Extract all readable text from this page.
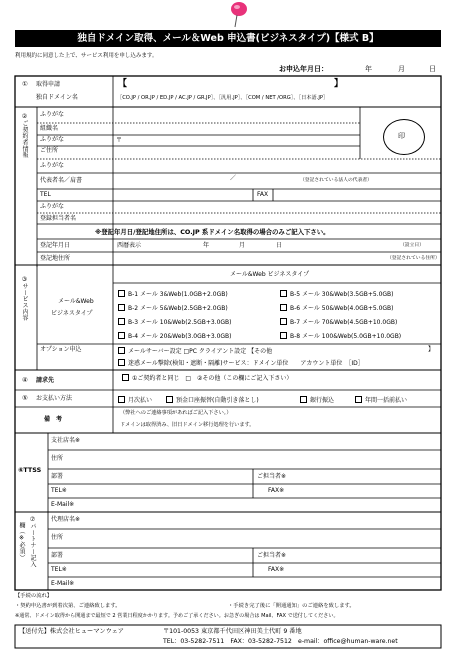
独自ドメイン取得、メール＆Web 申込書(ビジネスタイプ)【様式 B】
利用規約に同意した上で、サービス利用を申し込みます。
お申込年月日：	年	月	日
① 取得申請
独自ドメイン名
【	】
［CO.JP / OR.JP / ED.JP / AC.JP / GR.JP］、［汎用.JP］、［COM / NET /ORG］、［日本語.JP］
②ご契約者情報 ふりがな
組織名
ふりがな
ご住所
〒
印
ふりがな
代表者名／肩書	／	（登記されている法人の代表者）
TEL	FAX
ふりがな
登録担当者名
※登記年月日/登記地住所は、CO.JP 系ドメイン名取得の場合のみご記入下さい。
登記年月日	西暦表示	年	月	日	（設立日）
登記地住所	（登記されている住所）
③サービス内容	メール&Web
ビジネスタイプ
メール&Web ビジネスタイプ
B-1 メール 3&Web(1.0GB+2.0GB)	B-5 メール 30&Web(3.5GB+5.0GB)
B-2 メール 5&Web(2.5GB+2.0GB)	B-6 メール 50&Web(4.0GB+5.0GB)
B-3 メール 10&Web(2.5GB+3.0GB)	B-7 メール 70&Web(4.5GB+10.0GB)
B-4 メール 20&Web(3.0GB+3.0GB)	B-8 メール 100&Web(5.0GB+10.0GB)
オプション申込	メールサーバー設定 □PC クライアント設定 【その他	】
迷惑メール撃除(検知・遮断・隔離)サービス：ドメイン単位　　アカウント単位　［ID］
④ 請求先	①ご契約者と同じ　□　②その他（この欄にご記入下さい）
⑤ お支払い方法	月次払い	預金口座振替(自動引き落とし)	銀行振込	年間一括前払い
備　考
（弊社へのご連絡事項があればご記入下さい。）
ドメインは取得済み、旧日ドメイン移行処理を行います。
⑥TTSS
支社店名※
住所
部署	ご担当者※
TEL※	FAX※
E-Mail※
⑦パートナー記入
欄（※必須）
代理店名※
住所
部署	ご担当者※
TEL※	FAX※
E-Mail※
【手続の流れ】
・契約申込書が到着次第、ご連絡致します。	・手続き完了後に「開通通知」のご連絡を致します。
※通常、ドメイン取得から開通まで最短で 2 営業日程度かかります。予めご了承ください。お急ぎの場合は Mail、FAX で送付してください。
【送付先】株式会社ヒューマンウェア	〒101-0053 東京都千代田区神田美土代町 9 番地
TEL：03-5282-7511　FAX：03-5282-7512　e-mail：office@human-ware.net
